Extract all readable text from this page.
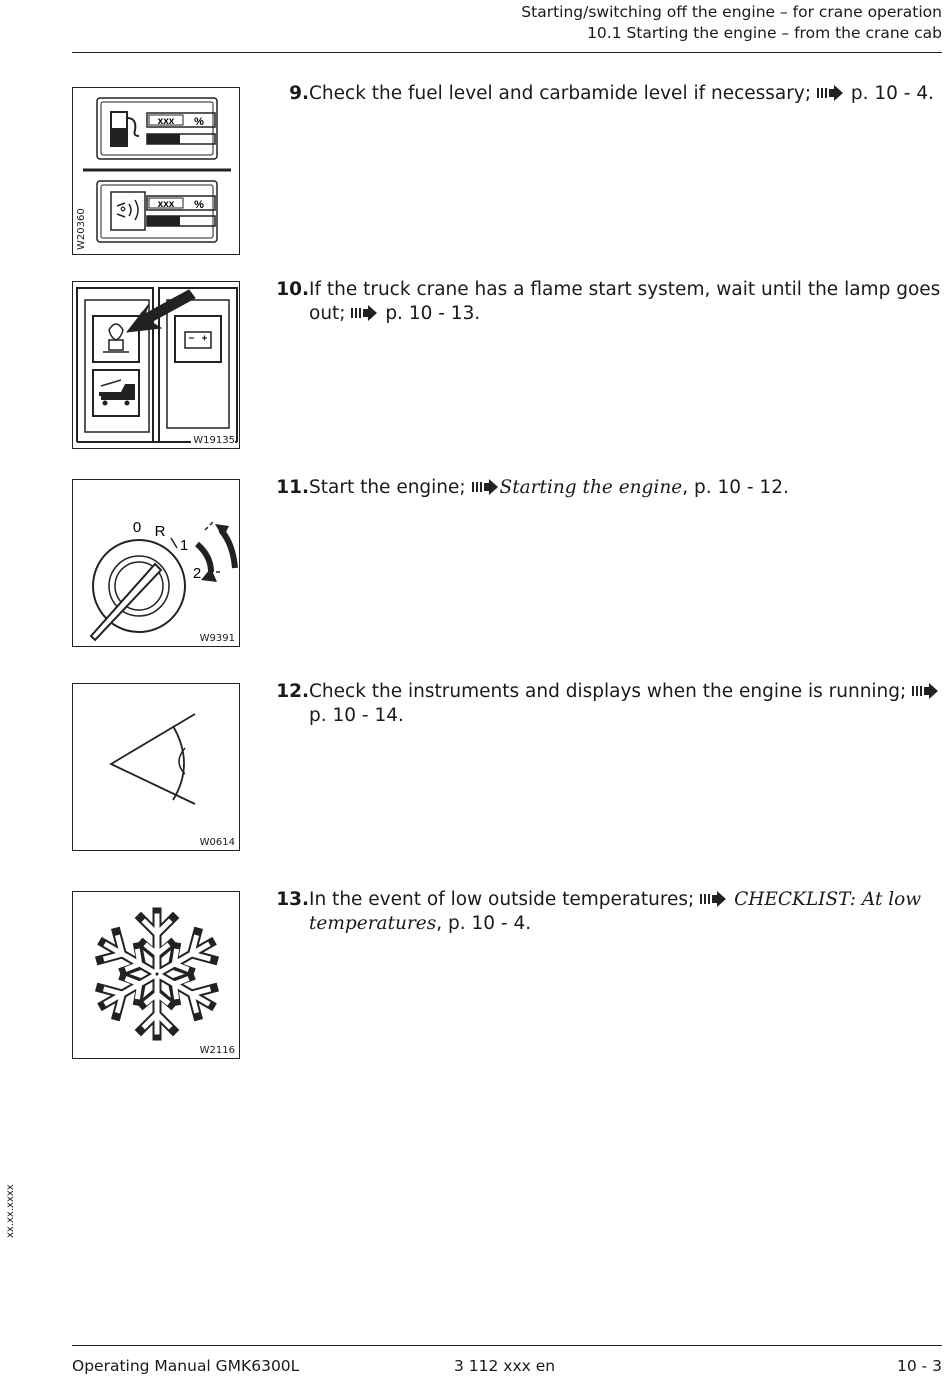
Starting/switching off the engine – for crane operation
10.1 Starting the engine – from the crane cab
xxx %
xxx %
W20360
W19135
0 R
1
2
W9391
W0614
W2116
9. Check the fuel level and carbamide level if necessary; p. 10 - 4.
10. If the truck crane has a flame start system, wait until the lamp goes out; p. 10 - 13.
11. Start the engine; Starting the engine, p. 10 - 12.
12. Check the instruments and displays when the engine is running;  p. 10 - 14.
13. In the event of low outside temperatures; CHECKLIST: At low temperatures, p. 10 - 4.
xx.xx.xxxx
Operating Manual GMK6300L	3 112 xxx en	10 - 3
